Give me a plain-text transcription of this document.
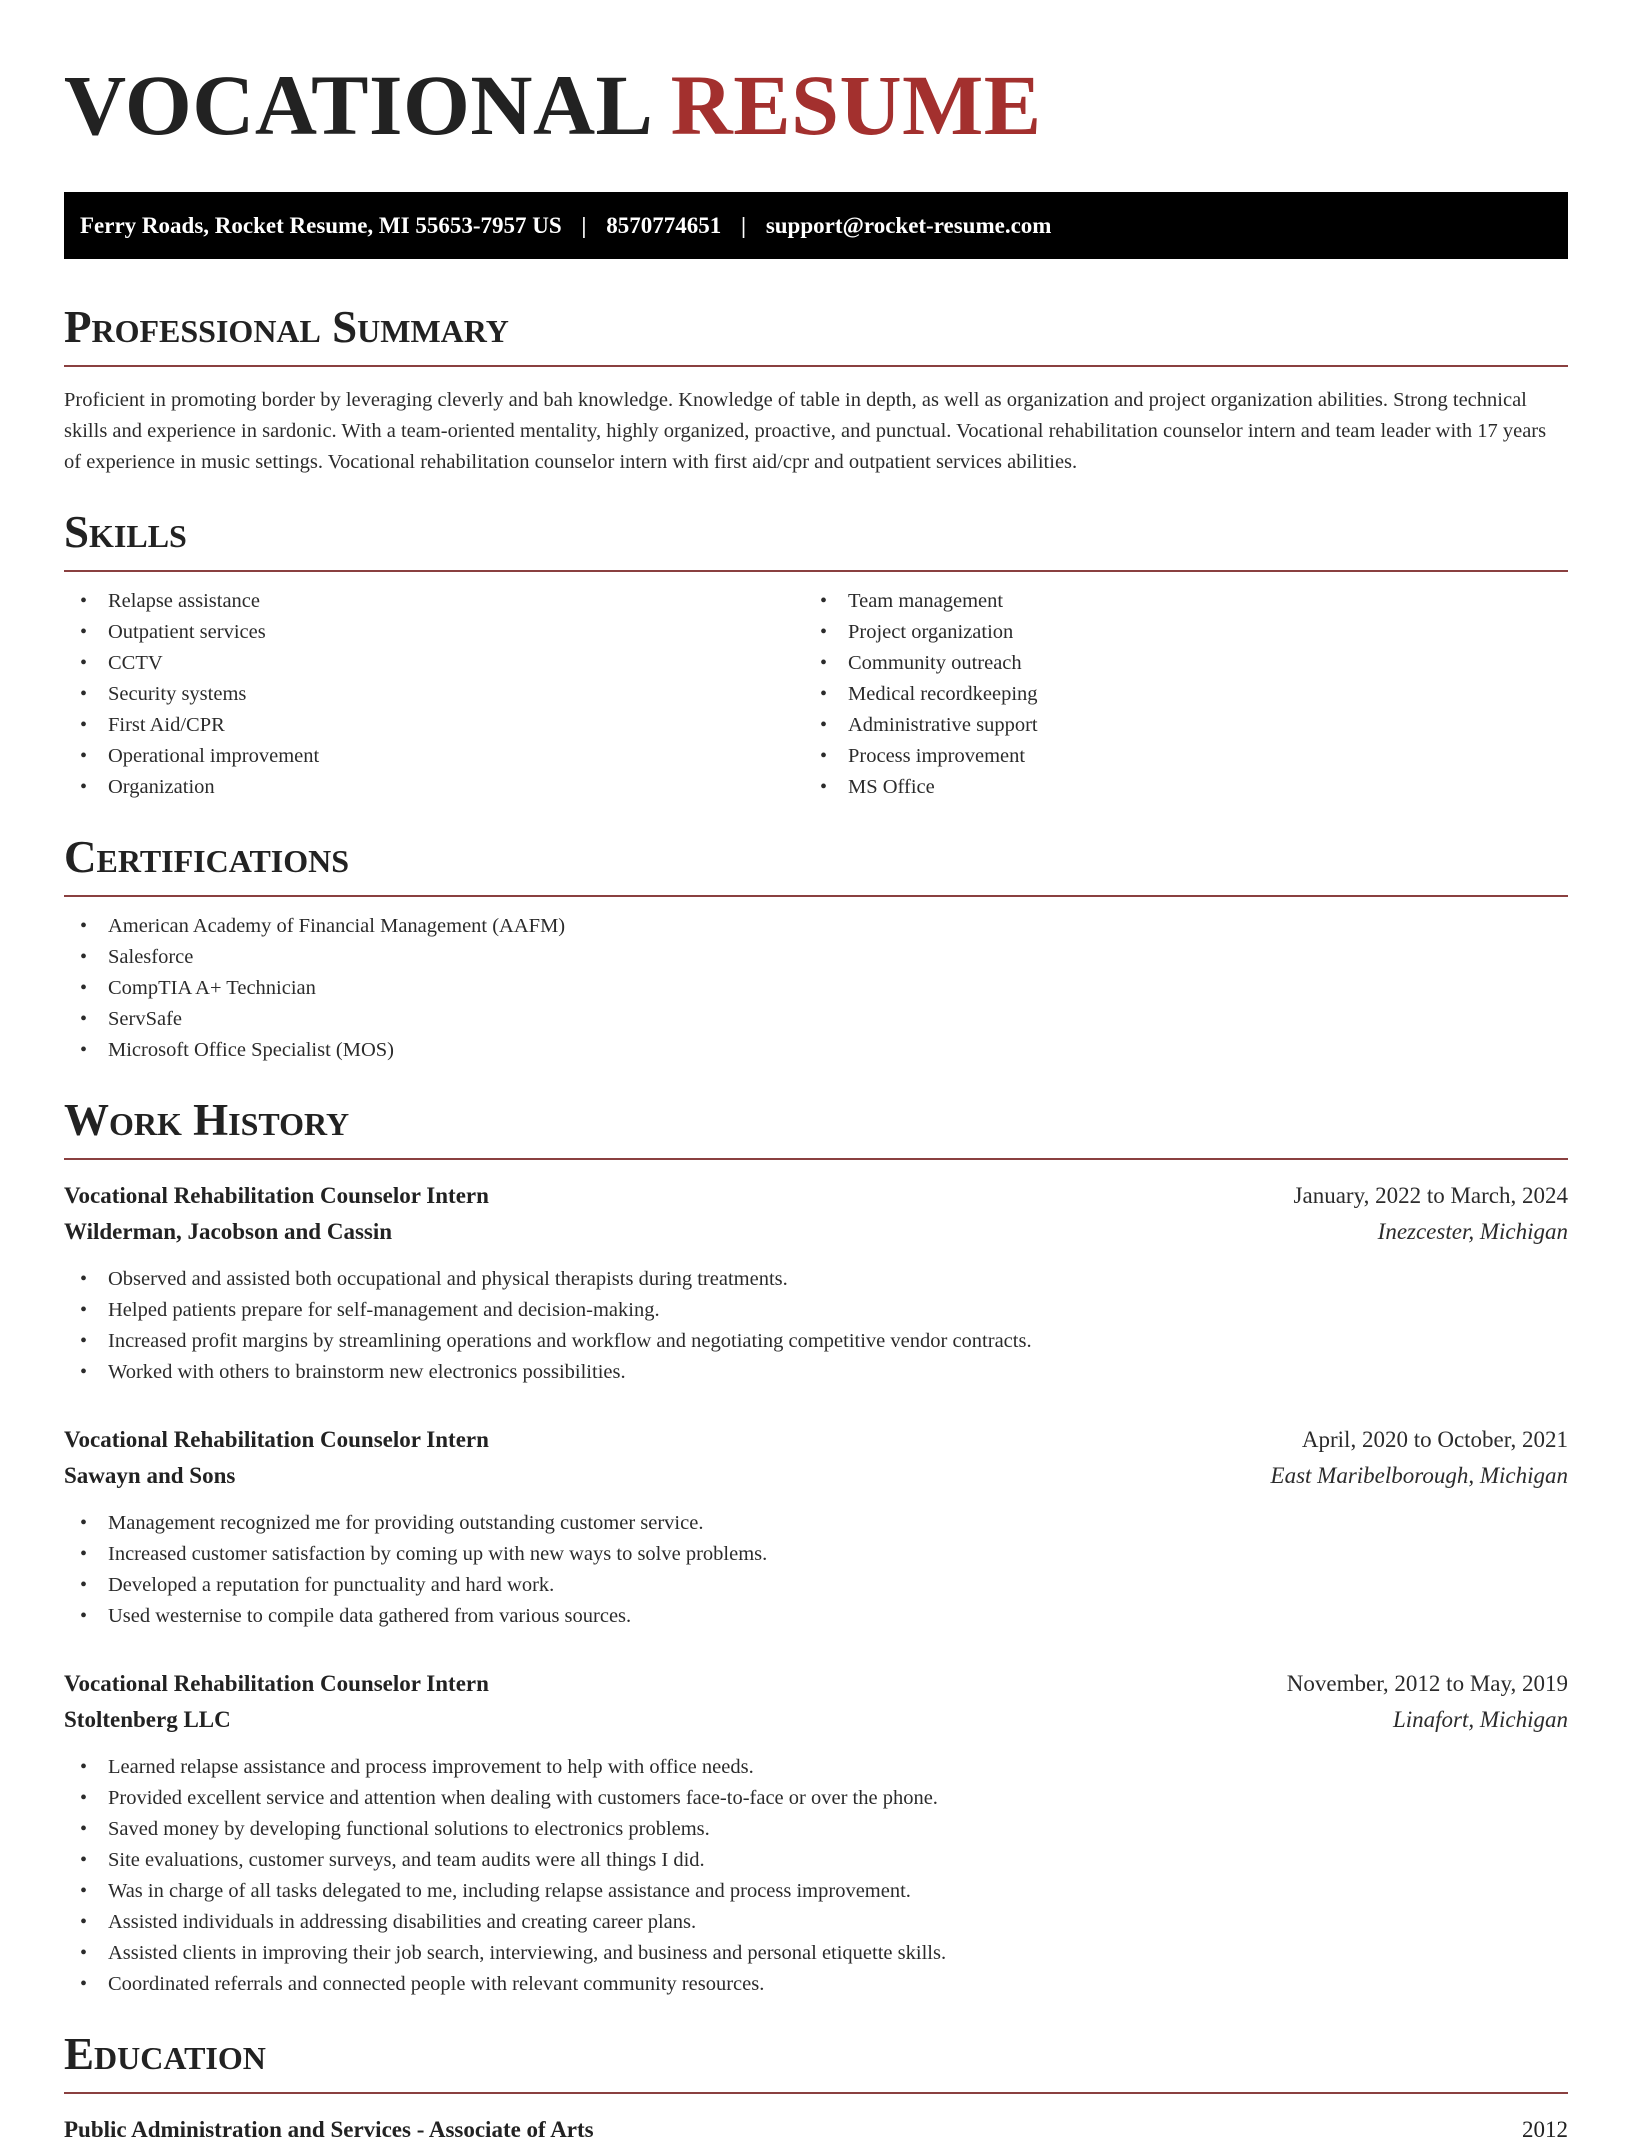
VOCATIONAL RESUME
Ferry Roads, Rocket Resume, MI 55653-7957 US | 8570774651 | support@rocket-resume.com
Professional Summary

Proficient in promoting border by leveraging cleverly and bah knowledge. Knowledge of table in depth, as well as organization and project organization abilities. Strong technical skills and experience in sardonic. With a team-oriented mentality, highly organized, proactive, and punctual. Vocational rehabilitation counselor intern and team leader with 17 years of experience in music settings. Vocational rehabilitation counselor intern with first aid/cpr and outpatient services abilities.

Skills
• Relapse assistance
• Outpatient services
• CCTV
• Security systems
• First Aid/CPR
• Operational improvement
• Organization
• Team management
• Project organization
• Community outreach
• Medical recordkeeping
• Administrative support
• Process improvement
• MS Office
Certifications
• American Academy of Financial Management (AAFM)
• Salesforce
• CompTIA A+ Technician
• ServSafe
• Microsoft Office Specialist (MOS)
Work History
Vocational Rehabilitation Counselor Intern	January, 2022 to March, 2024
Wilderman, Jacobson and Cassin	Inezcester, Michigan
• Observed and assisted both occupational and physical therapists during treatments.
• Helped patients prepare for self-management and decision-making.
• Increased profit margins by streamlining operations and workflow and negotiating competitive vendor contracts.
• Worked with others to brainstorm new electronics possibilities.
Vocational Rehabilitation Counselor Intern	April, 2020 to October, 2021
Sawayn and Sons	East Maribelborough, Michigan
• Management recognized me for providing outstanding customer service.
• Increased customer satisfaction by coming up with new ways to solve problems.
• Developed a reputation for punctuality and hard work.
• Used westernise to compile data gathered from various sources.
Vocational Rehabilitation Counselor Intern	November, 2012 to May, 2019
Stoltenberg LLC	Linafort, Michigan
• Learned relapse assistance and process improvement to help with office needs.
• Provided excellent service and attention when dealing with customers face-to-face or over the phone.
• Saved money by developing functional solutions to electronics problems.
• Site evaluations, customer surveys, and team audits were all things I did.
• Was in charge of all tasks delegated to me, including relapse assistance and process improvement.
• Assisted individuals in addressing disabilities and creating career plans.
• Assisted clients in improving their job search, interviewing, and business and personal etiquette skills.
• Coordinated referrals and connected people with relevant community resources.
Education
Public Administration and Services - Associate of Arts	2012
